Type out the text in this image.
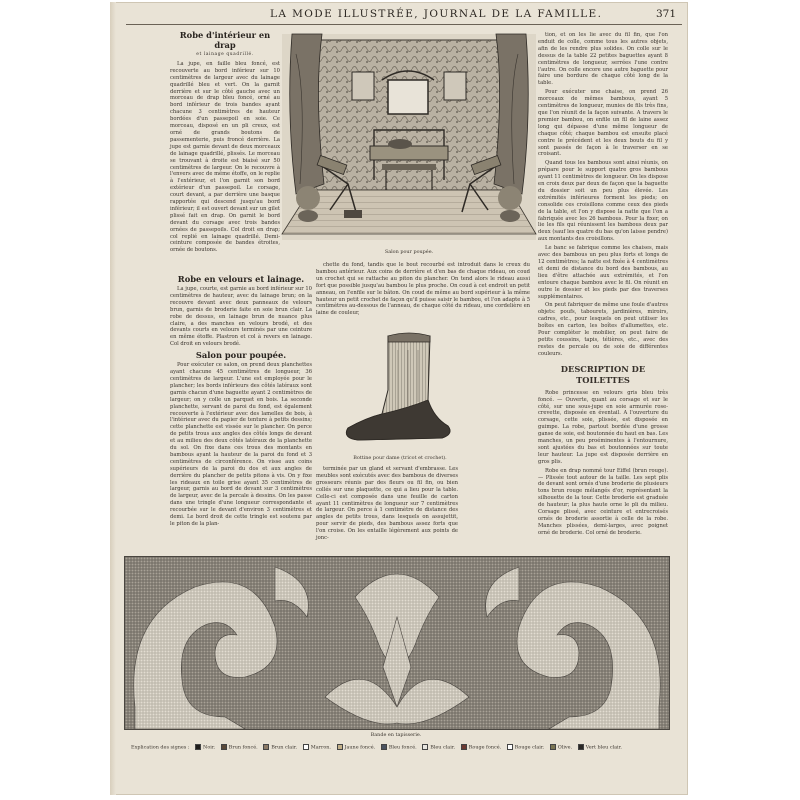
LA MODE ILLUSTRÉE, JOURNAL DE LA FAMILLE.	371
Robe d'intérieur en drap
et lainage quadrillé.

La jupe, en faille bleu foncé, est recouverte au bord inférieur sur 10 centimètres de largeur avec du lainage quadrillé bleu et vert. On la garnit derrière et sur le côté gauche avec un morceau de drap bleu foncé, orné au bord inférieur de trois bandes ayant chacune 3 centimètres de hauteur bordées d'un passepoil en soie. Ce morceau, disposé en un pli creux, est orné de grands boutons de passementerie, puis froncé derrière. La jupe est garnie devant de deux morceaux de lainage quadrillé, plissés. Le morceau se trouvant à droite est biaisé sur 50 centimètres de largeur. On le recouvre à l'envers avec de même étoffe, on le replie à l'extérieur, et l'on garnit son bord extérieur d'un passepoil. Le corsage, court devant, a par derrière une basque rapportée qui descend jusqu'au bord inférieur; il est ouvert devant sur un gilet plissé fait en drap. On garnit le bord devant du corsage avec trois bandes ornées de passepoils. Col droit en drap; col replié en lainage quadrillé. Demi-ceinture composée de bandes étroites, ornée de boutons.

Robe en velours et lainage.

La jupe, courte, est garnie au bord inférieur sur 10 centimètres de hauteur, avec du lainage brun; on la recouvre devant avec deux panneaux de velours brun, garnis de broderie faite en soie brun clair. La robe de dessus, en lainage brun de nuance plus claire, a des manches en velours brodé, et des devants courts en velours terminés par une ceinture en même étoffe. Plastron et col à revers en lainage. Col droit en velours brodé.

Salon pour poupée.

Pour exécuter ce salon, on prend deux planchettes ayant chacune 45 centimètres de longueur, 36 centimètres de largeur. L'une est employée pour le plancher; les bords inférieurs des côtés latéraux sont garnis chacun d'une baguette ayant 2 centimètres de largeur; on y colle un parquet en bois. La seconde planchette, servant de paroi du fond, est également recouverte à l'extérieur avec des lamelles de bois, à l'intérieur avec du papier de tenture à petits dessins; cette planchette est vissée sur le plancher. On perce de petits trous aux angles des côtés longs de devant et au milieu des deux côtés latéraux de la planchette du sol. On fixe dans ces trous des montants en bambous ayant la hauteur de la paroi du fond et 3 centimètres de circonférence. On visse aux coins supérieurs de la paroi du dos et aux angles de derrière du plancher de petits pitons à vis. On y fixe les rideaux en toile grise ayant 35 centimètres de largeur, garnis au bord de devant sur 3 centimètres de largeur, avec de la percale à dessins. On les passe dans une tringle d'une longueur correspondante et recourbée sur le devant d'environ 3 centimètres et demi. Le bord droit de cette tringle est soutenu par le piton de la plan-

Salon pour poupée.

chette du fond, tandis que le bout recourbé est introduit dans le creux du bambou antérieur. Aux coins de derrière et d'en bas de chaque rideau, on coud un crochet qui se rattache au piton du plancher. On tend alors le rideau aussi fort que possible jusqu'au bambou le plus proche. On coud à cet endroit un petit anneau, on l'enfile sur le bâton. On coud de même au bord supérieur à la même hauteur un petit crochet de façon qu'il puisse saisir le bambou, et l'on adapte à 5 centimètres au-dessous de l'anneau, de chaque côté du rideau, une cordelière en laine de couleur,

Bottine pour dame (tricot et crochet).

terminée par un gland et servant d'embrasse. Les meubles sont exécutés avec des bambous de diverses grosseurs réunis par des fleurs ou fil fin, ou bien collés sur une plaquette, ce qui a lieu pour la table. Celle-ci est composée dans une feuille de carton ayant 11 centimètres de longueur sur 7 centimètres de largeur. On perce à 1 centimètre de distance des angles de petits trous, dans lesquels on assujettit, pour servir de pieds, des bambous assez forts que l'on croise. On les entaille légèrement aux points de jonc-

tion, et on les lie avec du fil fin, que l'on enduit de colle, comme tous les autres objets, afin de les rendre plus solides. On colle sur le dessus de la table 22 petites baguettes ayant 8 centimètres de longueur, serrées l'une contre l'autre. On colle encore une autre baguette pour faire une bordure de chaque côté long de la table.

Pour exécuter une chaise, on prend 26 morceaux de mêmes bambous, ayant 5 centimètres de longueur, munies de fils très fins, que l'on réunit de la façon suivante. A travers le premier bambou, on enfile un fil de laine assez long qui dépasse d'une même longueur de chaque côté; chaque bambou est ensuite placé contre le précédent et les deux bouts du fil y sont passés de façon à le traverser en se croisant.

Quand tous les bambous sont ainsi réunis, on prépare pour le support quatre gros bambous ayant 11 centimètres de longueur. On les dispose en croix deux par deux de façon que la baguette du dossier soit un peu plus élevée. Les extrémités inférieures forment les pieds; on consolide ces croisillons comme ceux des pieds de la table, et l'on y dispose la natte que l'on a fabriquée avec les 26 bambous. Pour la fixer, on lie les fils qui réunissent les bambous deux par deux (sauf les quatre du bas qu'on laisse pendre) aux montants des croisillons.

Le banc se fabrique comme les chaises, mais avec des bambous un peu plus forts et longs de 12 centimètres; la natte est fixée à 4 centimètres et demi de distance du bord des bambous, au lieu d'être attachée aux extrémités, et l'on entoure chaque bambou avec le fil. On réunit en outre le dossier et les pieds par des traverses supplémentaires.

On peut fabriquer de même une foule d'autres objets: poufs, tabourets, jardinières, miroirs, cadres, etc., pour lesquels on peut utiliser les boîtes en carton, les boîtes d'allumettes, etc. Pour compléter le mobilier, on peut faire de petits coussins, tapis, tétières, etc., avec des restes de percale ou de soie de différentes couleurs.

DESCRIPTION DE TOILETTES

Robe princesse en velours gris bleu très foncé. — Ouverte, quant au corsage et sur le côté, sur une sous-jupe en soie armurée rose-crevette, disposée en éventail. A l'ouverture du corsage, cette soie, plissée, est disposée en guimpe. La robe, partout bordée d'une grosse ganse de soie, est boutonnée du haut en bas. Les manches, un peu proéminentes à l'entournure, sont ajustées du bas et boutonnées sur toute leur hauteur. La jupe est disposée derrière en gros plis.

Robe en drap nommé tour Eiffel (brun rouge). — Plissée tout autour de la taille. Les sept plis de devant sont ornés d'une broderie de plusieurs tons brun rouge mélangés d'or, représentant la silhouette de la tour. Cette broderie est graduée de hauteur; la plus haute orne le pli du milieu. Corsage plissé, avec ceinture et entrecroisés ornés de broderie assortie à celle de la robe. Manches plissées, demi-larges, avec poignet orné de broderie. Col orné de broderie.

Bande en tapisserie.
Explication des signes :	Noir.	Brun foncé.	Brun clair.	Marron.	Jaune foncé.	Bleu foncé.	Bleu clair.	Rouge foncé.	Rouge clair.	Olive.	Vert bleu clair.
